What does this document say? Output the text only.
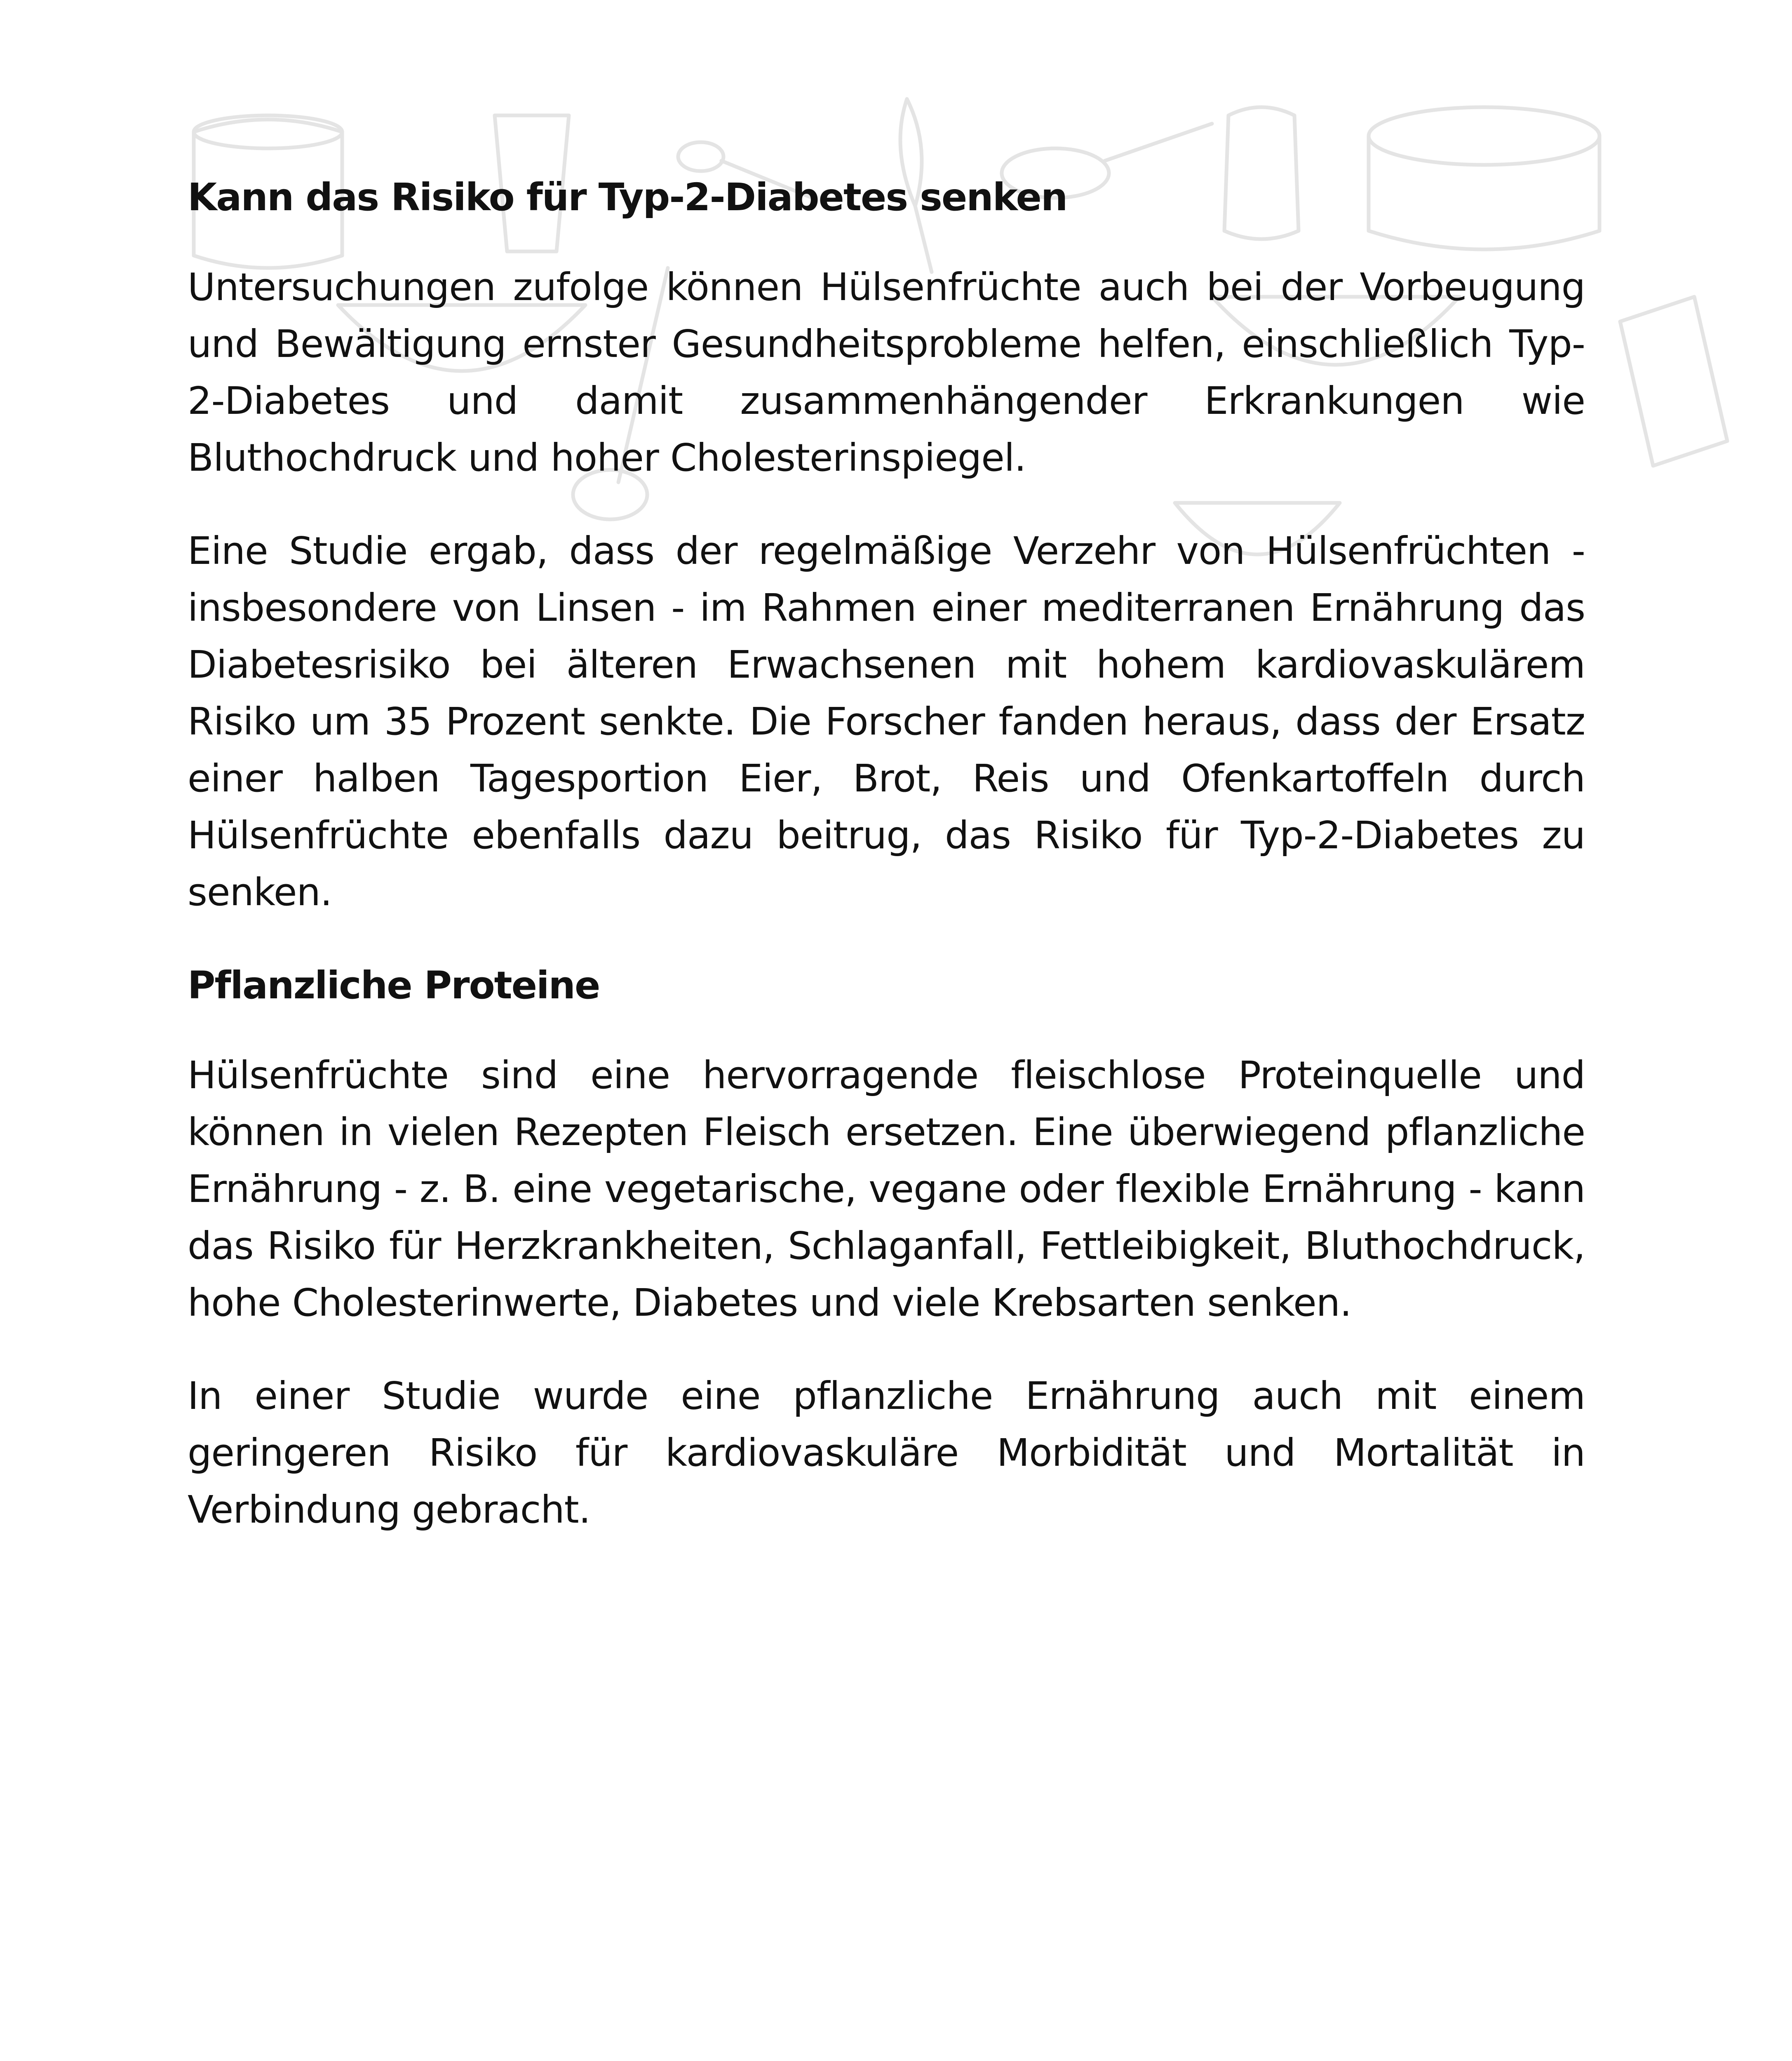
Kann das Risiko für Typ-2-Diabetes senken

Untersuchungen zufolge können Hülsenfrüchte auch bei der Vorbeugung und Bewältigung ernster Gesundheitsprobleme helfen, einschließlich Typ-2-Diabetes und damit zusammenhängender Erkrankungen wie Bluthochdruck und hoher Cholesterinspiegel.

Eine Studie ergab, dass der regelmäßige Verzehr von Hülsenfrüchten - insbesondere von Linsen - im Rahmen einer mediterranen Ernährung das Diabetesrisiko bei älteren Erwachsenen mit hohem kardiovaskulärem Risiko um 35 Prozent senkte. Die Forscher fanden heraus, dass der Ersatz einer halben Tagesportion Eier, Brot, Reis und Ofenkartoffeln durch Hülsenfrüchte ebenfalls dazu beitrug, das Risiko für Typ-2-Diabetes zu senken.

Pflanzliche Proteine

Hülsenfrüchte sind eine hervorragende fleischlose Proteinquelle und können in vielen Rezepten Fleisch ersetzen. Eine überwiegend pflanzliche Ernährung - z. B. eine vegetarische, vegane oder flexible Ernährung - kann das Risiko für Herzkrankheiten, Schlaganfall, Fettleibigkeit, Bluthochdruck, hohe Cholesterinwerte, Diabetes und viele Krebsarten senken.

In einer Studie wurde eine pflanzliche Ernährung auch mit einem geringeren Risiko für kardiovaskuläre Morbidität und Mortalität in Verbindung gebracht.
